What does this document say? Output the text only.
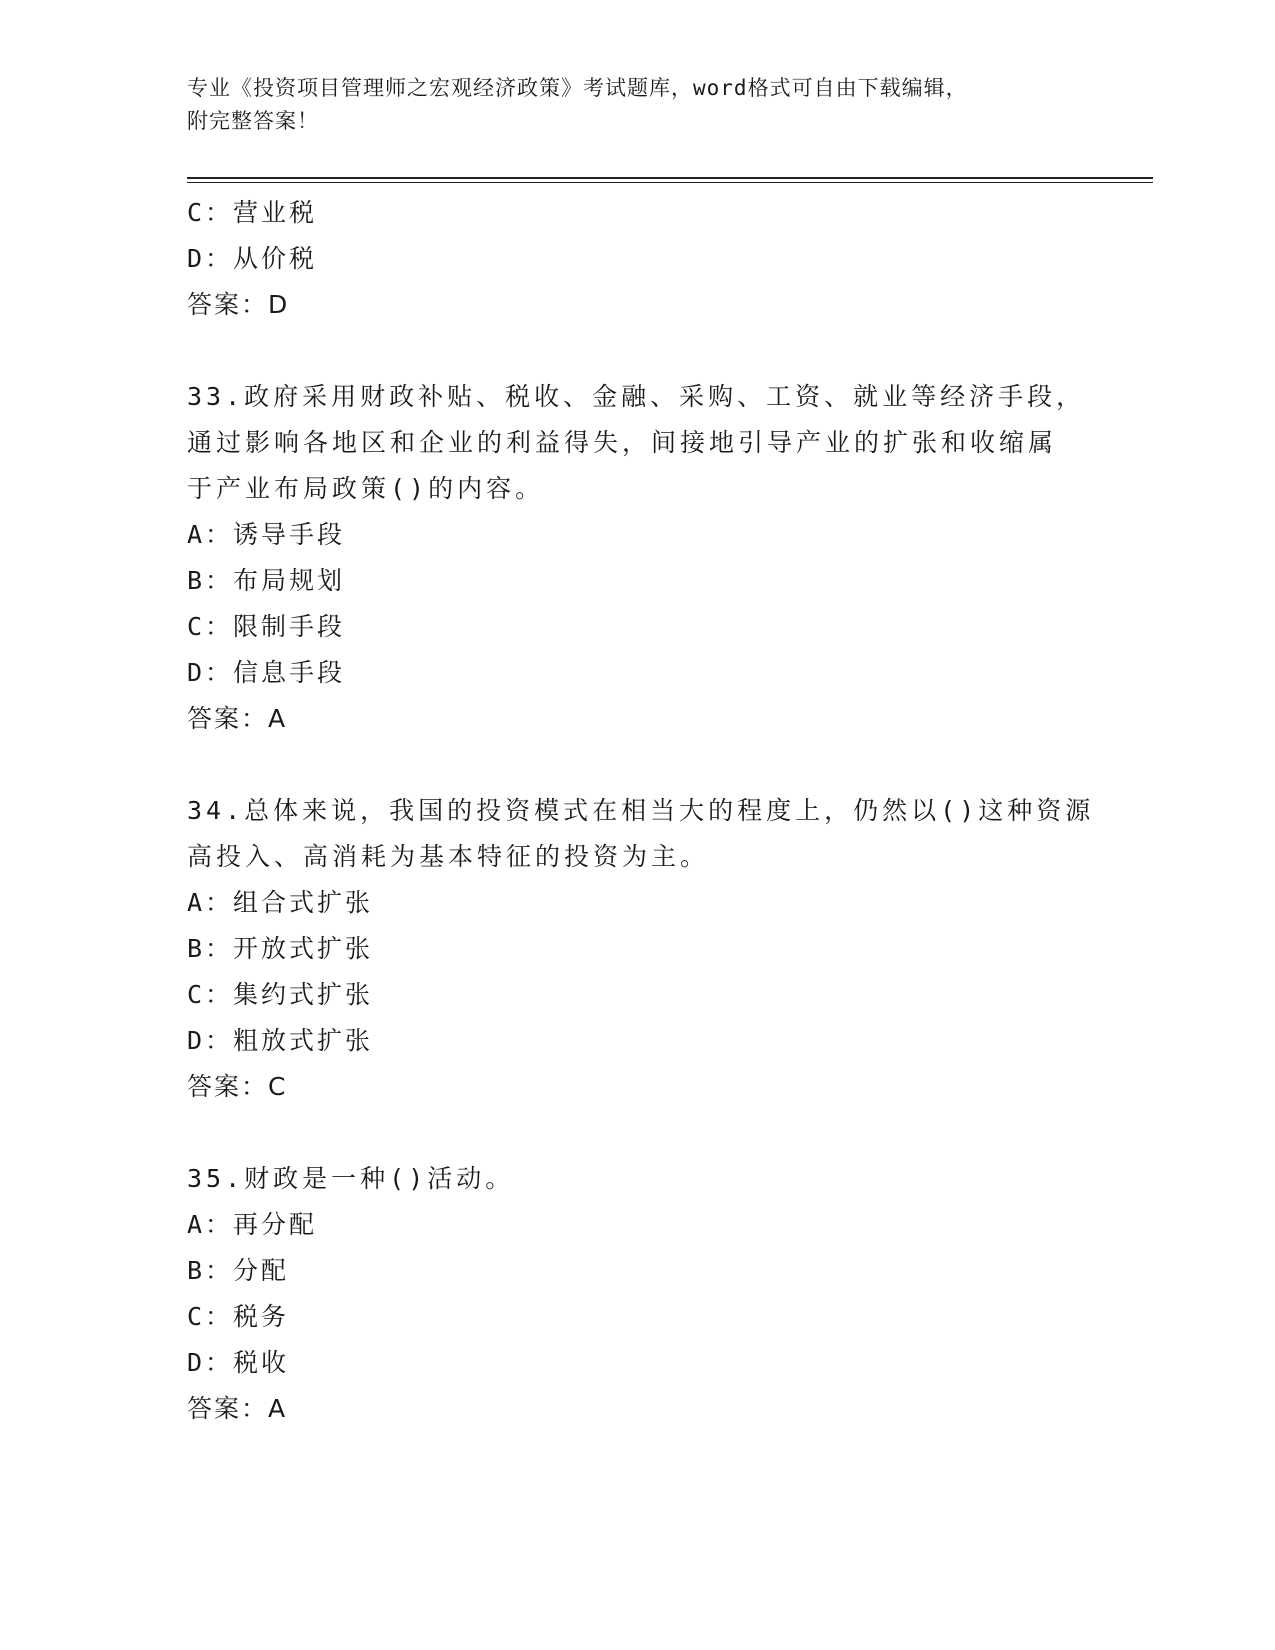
专业《投资项目管理师之宏观经济政策》考试题库，word格式可自由下载编辑，
附完整答案！
C：营业税
D：从价税
答案：D
33.政府采用财政补贴、税收、金融、采购、工资、就业等经济手段，
通过影响各地区和企业的利益得失，间接地引导产业的扩张和收缩属
于产业布局政策()的内容。
A：诱导手段
B：布局规划
C：限制手段
D：信息手段
答案：A
34.总体来说，我国的投资模式在相当大的程度上，仍然以()这种资源
高投入、高消耗为基本特征的投资为主。
A：组合式扩张
B：开放式扩张
C：集约式扩张
D：粗放式扩张
答案：C
35.财政是一种()活动。
A：再分配
B：分配
C：税务
D：税收
答案：A
